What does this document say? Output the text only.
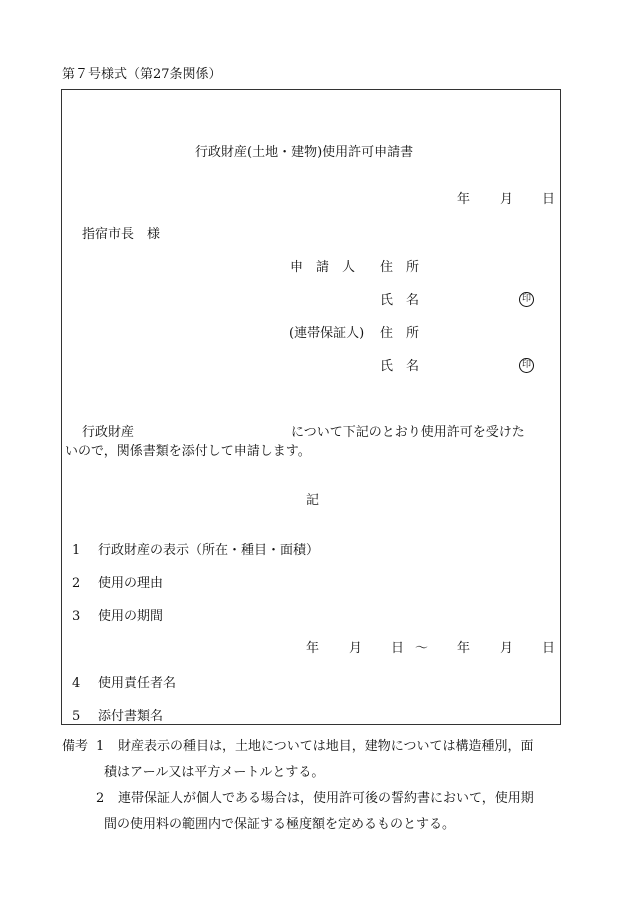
第７号様式（第27条関係）
行政財産(土地・建物)使用許可申請書
年 月 日
指宿市長　様
申　請　人 住　所
氏　名	印
(連帯保証人) 住　所
氏　名	印
行政財産	について下記のとおり使用許可を受けた
いので，関係書類を添付して申請します。
記
1 行政財産の表示（所在・種目・面積）
2 使用の理由
3 使用の期間
年 月 日 ～ 年 月 日
4 使用責任者名
5 添付書類名
備考 1 財産表示の種目は，土地については地目，建物については構造種別，面
積はアール又は平方メートルとする。
2 連帯保証人が個人である場合は，使用許可後の誓約書において，使用期
間の使用料の範囲内で保証する極度額を定めるものとする。
